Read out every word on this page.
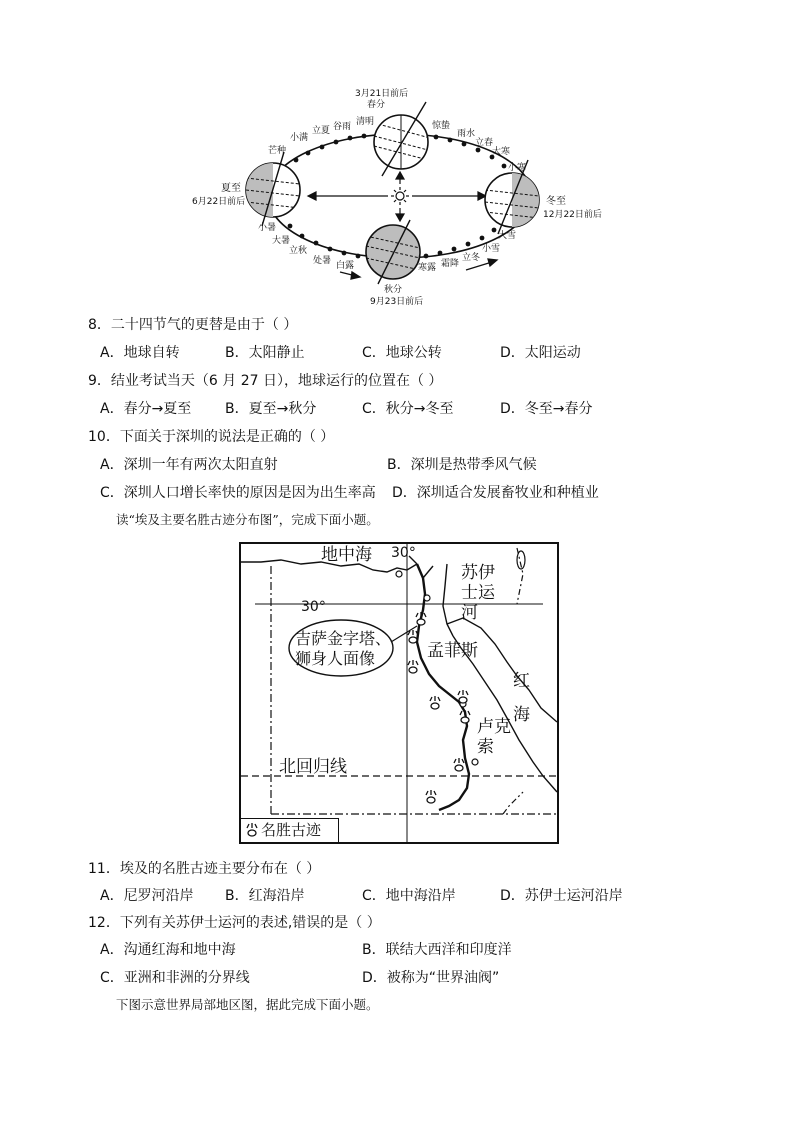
3月21日前后
春分
夏至
6月22日前后
秋分
9月23日前后
冬至
12月22日前后
清明
谷雨
立夏
小满
芒种
小暑
大暑
立秋
处暑 白露	寒露 霜降
立冬
小雪
大雪
小寒
大寒
立春
雨水
惊蛰
8．二十四节气的更替是由于（ ）
A．地球自转	B．太阳静止	C．地球公转	D．太阳运动
9．结业考试当天（6 月 27 日），地球运行的位置在（ ）
A．春分→夏至 B．夏至→秋分	C．秋分→冬至	D．冬至→春分
10．下面关于深圳的说法是正确的（ ）
A．深圳一年有两次太阳直射	B．深圳是热带季风气候
C．深圳人口增长率快的原因是因为出生率高 D．深圳适合发展畜牧业和种植业
读“埃及主要名胜古迹分布图”，完成下面小题。
地中海 30°
30°
苏伊
士运
河
吉萨金字塔、
狮身人面像	孟菲斯
红
海
卢克
索
北回归线
名胜古迹
11．埃及的名胜古迹主要分布在（ ）
A．尼罗河沿岸 B．红海沿岸	C．地中海沿岸	D．苏伊士运河沿岸
12．下列有关苏伊士运河的表述,错误的是（ ）
A．沟通红海和地中海	B．联结大西洋和印度洋
C．亚洲和非洲的分界线	D．被称为“世界油阀”
下图示意世界局部地区图，据此完成下面小题。
